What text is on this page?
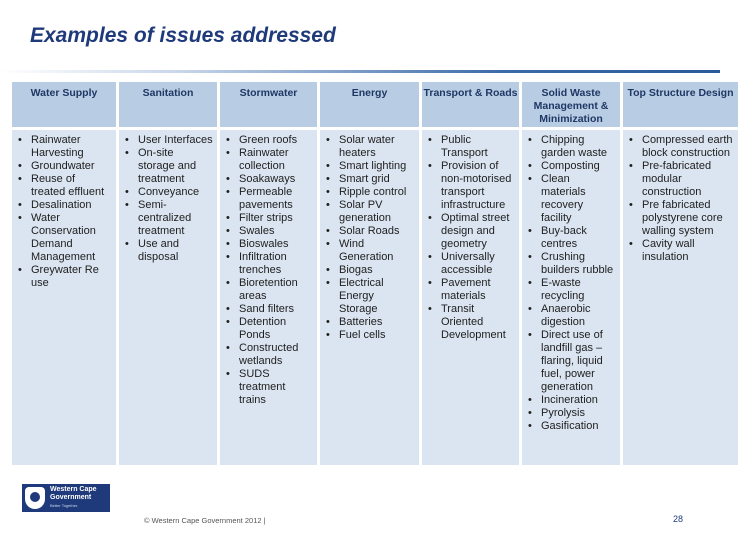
Examples of issues addressed
Water Supply
• Rainwater Harvesting
• Groundwater
• Reuse of treated effluent
• Desalination
• Water Conservation Demand Management
• Greywater Re use
Sanitation
• User Interfaces
• On-site storage and treatment
• Conveyance
• Semi-centralized treatment
• Use and disposal
Stormwater
• Green roofs
• Rainwater collection
• Soakaways
• Permeable pavements
• Filter strips
• Swales
• Bioswales
• Infiltration trenches
• Bioretention areas
• Sand filters
• Detention Ponds
• Constructed wetlands
• SUDS treatment trains
Energy
• Solar water heaters
• Smart lighting
• Smart grid
• Ripple control
• Solar PV generation
• Solar Roads
• Wind Generation
• Biogas
• Electrical Energy Storage
• Batteries
• Fuel cells
Transport & Roads
• Public Transport
• Provision of non-motorised transport infrastructure
• Optimal street design and geometry
• Universally accessible
• Pavement materials
• Transit Oriented Development
Solid Waste Management & Minimization
• Chipping garden waste
• Composting
• Clean materials recovery facility
• Buy-back centres
• Crushing builders rubble
• E-waste recycling
• Anaerobic digestion
• Direct use of landfill gas – flaring, liquid fuel, power generation
• Incineration
• Pyrolysis
• Gasification
Top Structure Design
• Compressed earth block construction
• Pre-fabricated modular construction
• Pre fabricated polystyrene core walling system
• Cavity wall insulation
Western Cape
Government
Better Together.
© Western Cape Government 2012 |	28
